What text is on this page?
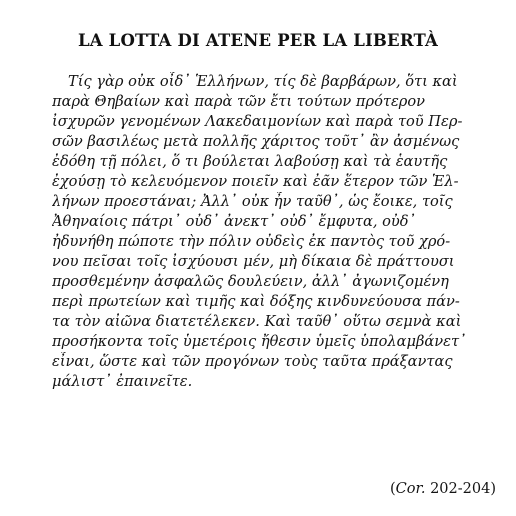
LA LOTTA DI ATENE PER LA LIBERTÀ
Τίς γὰρ οὐκ οἶδ᾽ Ἑλλήνων, τίς δὲ βαρβάρων, ὅτι καὶ
παρὰ Θηβαίων καὶ παρὰ τῶν ἔτι τούτων πρότερον
ἰσχυρῶν γενομένων Λακεδαιμονίων καὶ παρὰ τοῦ Περ-
σῶν βασιλέως μετὰ πολλῆς χάριτος τοῦτ᾽ ἂν ἀσμένως
ἐδόθη τῇ πόλει, ὅ τι βούλεται λαβούσῃ καὶ τὰ ἑαυτῆς
ἐχούσῃ τὸ κελευόμενον ποιεῖν καὶ ἐᾶν ἕτερον τῶν Ἑλ-
λήνων προεστάναι; Ἀλλ᾽ οὐκ ἦν ταῦθ᾽, ὡς ἔοικε, τοῖς
Ἀθηναίοις πάτρι᾽ οὐδ᾽ ἀνεκτ᾽ οὐδ᾽ ἔμφυτα, οὐδ᾽
ἠδυνήθη πώποτε τὴν πόλιν οὐδεὶς ἐκ παντὸς τοῦ χρό-
νου πεῖσαι τοῖς ἰσχύουσι μέν, μὴ δίκαια δὲ πράττουσι
προσθεμένην ἀσφαλῶς δουλεύειν, ἀλλ᾽ ἀγωνιζομένη
περὶ πρωτείων καὶ τιμῆς καὶ δόξης κινδυνεύουσα πάν-
τα τὸν αἰῶνα διατετέλεκεν. Καὶ ταῦθ᾽ οὕτω σεμνὰ καὶ
προσήκοντα τοῖς ὑμετέροις ἤθεσιν ὑμεῖς ὑπολαμβάνετ᾽
εἶναι, ὥστε καὶ τῶν προγόνων τοὺς ταῦτα πράξαντας
μάλιστ᾽ ἐπαινεῖτε.
(Cor. 202-204)
